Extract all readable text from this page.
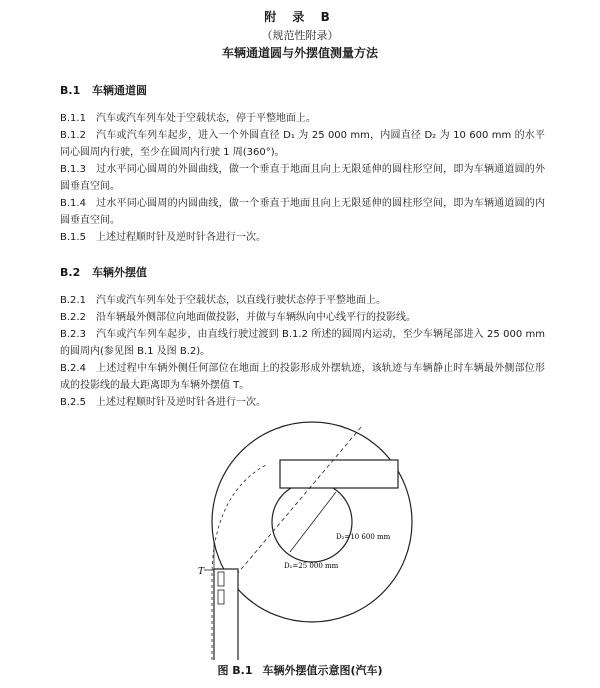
附 录 B
（规范性附录）
车辆通道圆与外摆值测量方法
B.1 车辆通道圆
B.1.1 汽车或汽车列车处于空载状态，停于平整地面上。
B.1.2 汽车或汽车列车起步，进入一个外圆直径 D₁ 为 25 000 mm，内圆直径 D₂ 为 10 600 mm 的水平同心圆周内行驶，至少在圆周内行驶 1 周(360°)。
B.1.3 过水平同心圆周的外圆曲线，做一个垂直于地面且向上无限延伸的圆柱形空间，即为车辆通道圆的外圆垂直空间。
B.1.4 过水平同心圆周的内圆曲线，做一个垂直于地面且向上无限延伸的圆柱形空间，即为车辆通道圆的内圆垂直空间。
B.1.5 上述过程顺时针及逆时针各进行一次。
B.2 车辆外摆值
B.2.1 汽车或汽车列车处于空载状态，以直线行驶状态停于平整地面上。
B.2.2 沿车辆最外侧部位向地面做投影，并做与车辆纵向中心线平行的投影线。
B.2.3 汽车或汽车列车起步，由直线行驶过渡到 B.1.2 所述的圆周内运动，至少车辆尾部进入 25 000 mm 的圆周内(参见图 B.1 及图 B.2)。
B.2.4 上述过程中车辆外侧任何部位在地面上的投影形成外摆轨迹，该轨迹与车辆静止时车辆最外侧部位形成的投影线的最大距离即为车辆外摆值 T。
B.2.5 上述过程顺时针及逆时针各进行一次。
T
D₂=10 600 mm
D₁=25 000 mm
图 B.1 车辆外摆值示意图(汽车)
